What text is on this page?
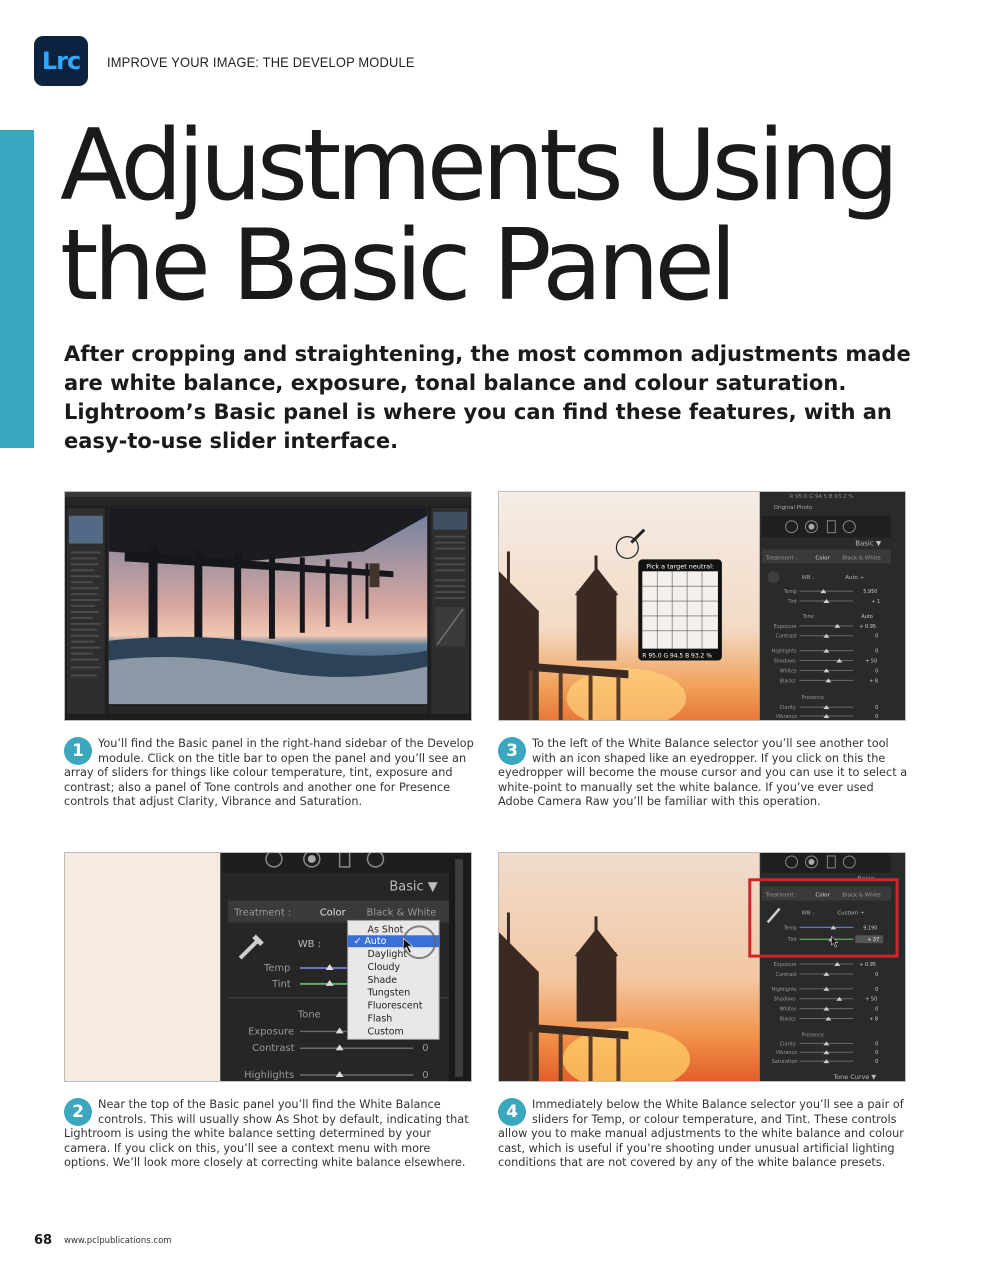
Lrc IMPROVE YOUR IMAGE: THE DEVELOP MODULE
Adjustments Using
the Basic Panel

After cropping and straightening, the most common adjustments made are white balance, exposure, tonal balance and colour saturation. Lightroom’s Basic panel is where you can find these features, with an easy-to-use slider interface.

Pick a target neutral:
R 95.0 G 94.5 B 93.2 %
R 95.0 G 94.5 B 93.2 %
Original Photo
Basic ▼
Treatment :	Color Black & White
WB :	Auto ÷
Temp	5,950
Tint	+ 1
Tone	Auto
Exposure	+ 0.95
Contrast	0
Highlights	0
Shadows	+ 50
Whites	0
Blacks	+ 8
Presence
Clarity	0
Vibrance	0
1	You’ll find the Basic panel in the right-hand sidebar of the Develop module. Click on the title bar to open the panel and you’ll see an array of sliders for things like colour temperature, tint, exposure and contrast; also a panel of Tone controls and another one for Presence controls that adjust Clarity, Vibrance and Saturation.
3	To the left of the White Balance selector you’ll see another tool with an icon shaped like an eyedropper. If you click on this the eyedropper will become the mouse cursor and you can use it to select a white-point to manually set the white balance. If you’ve ever used Adobe Camera Raw you’ll be familiar with this operation.
Basic ▼
Treatment :	Color Black & White
WB :
Temp
Tint
Tone
Exposure
Contrast	0
Highlights	0
As Shot
✓ Auto
Daylight
Cloudy
Shade
Tungsten
Fluorescent
Flash
Custom
Basic
Treatment :	Color Black & White
WB :	Custom ÷
Temp	9,190
Tint	+ 37
Exposure	+ 0.95
Contrast	0
Highlights	0
Shadows	+ 50
Whites	0
Blacks	+ 8
Presence
Clarity	0
Vibrance	0
Saturation	0
Tone Curve ▼
2	Near the top of the Basic panel you’ll find the White Balance controls. This will usually show As Shot by default, indicating that Lightroom is using the white balance setting determined by your camera. If you click on this, you’ll see a context menu with more options. We’ll look more closely at correcting white balance elsewhere.
4	Immediately below the White Balance selector you’ll see a pair of sliders for Temp, or colour temperature, and Tint. These controls allow you to make manual adjustments to the white balance and colour cast, which is useful if you’re shooting under unusual artificial lighting conditions that are not covered by any of the white balance presets.
68 www.pclpublications.com
